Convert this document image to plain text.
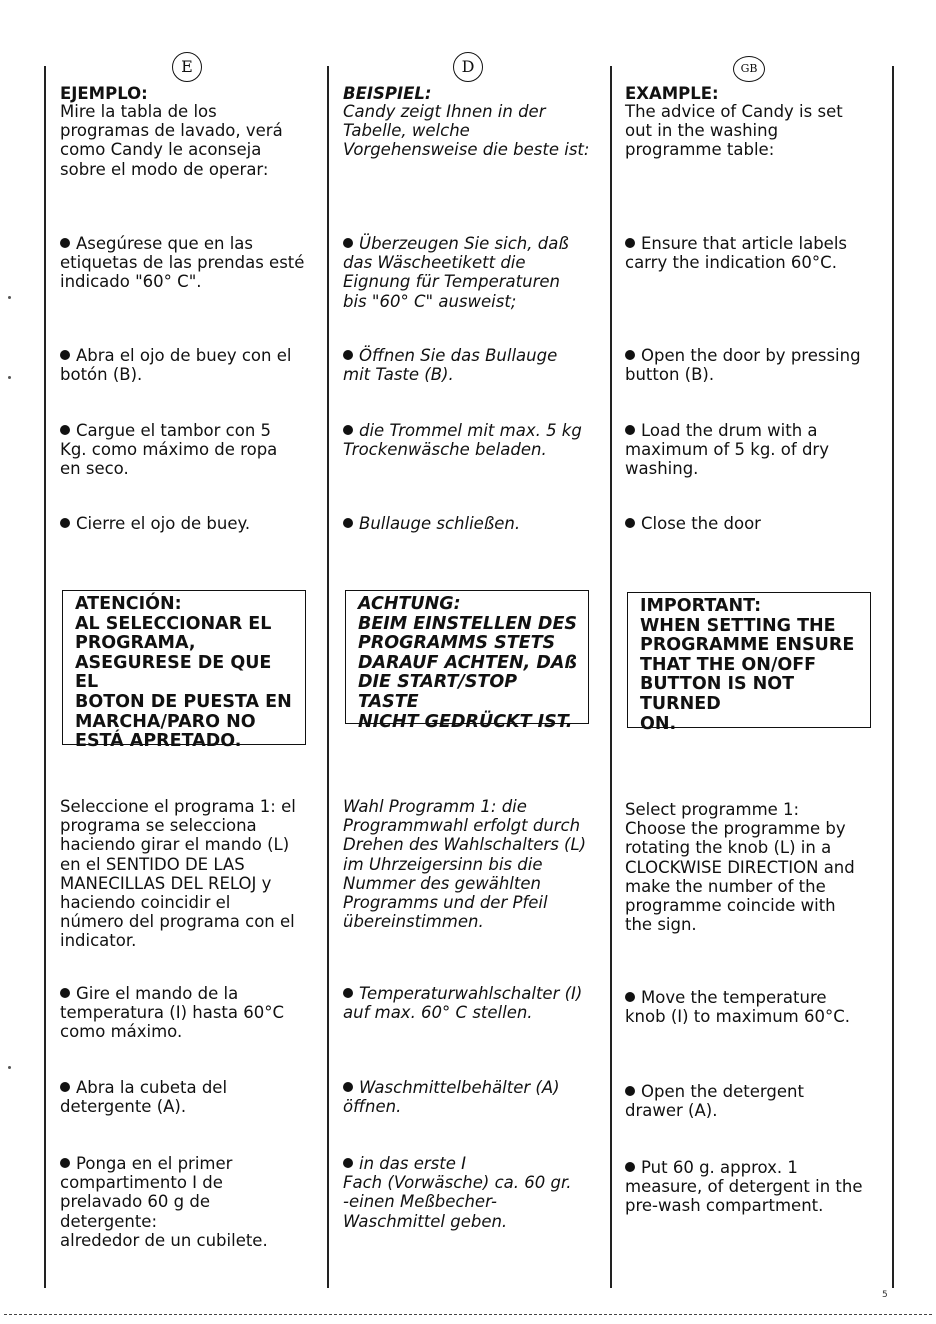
E
EJEMPLO:
Mire la tabla de los
programas de lavado, verá
como Candy le aconseja
sobre el modo de operar:
Asegúrese que en las
etiquetas de las prendas esté
indicado "60° C".
Abra el ojo de buey con el
botón (B).
Cargue el tambor con 5
Kg. como máximo de ropa
en seco.
Cierre el ojo de buey.
ATENCIÓN:
AL SELECCIONAR EL
PROGRAMA,
ASEGURESE DE QUE EL
BOTON DE PUESTA EN
MARCHA/PARO NO
ESTÁ APRETADO.
Seleccione el programa 1: el
programa se selecciona
haciendo girar el mando (L)
en el SENTIDO DE LAS
MANECILLAS DEL RELOJ y
haciendo coincidir el
número del programa con el
indicator.
Gire el mando de la
temperatura (I) hasta 60°C
como máximo.
Abra la cubeta del
detergente (A).
Ponga en el primer
compartimento I de
prelavado 60 g de
detergente:
alrededor de un cubilete.
D
BEISPIEL:
Candy zeigt Ihnen in der
Tabelle, welche
Vorgehensweise die beste ist:
Überzeugen Sie sich, daß
das Wäscheetikett die
Eignung für Temperaturen
bis "60° C" ausweist;
Öffnen Sie das Bullauge
mit Taste (B).
die Trommel mit max. 5 kg
Trockenwäsche beladen.
Bullauge schließen.
ACHTUNG:
BEIM EINSTELLEN DES
PROGRAMMS STETS
DARAUF ACHTEN, DAß
DIE START/STOP TASTE
NICHT GEDRÜCKT IST.
Wahl Programm 1: die
Programmwahl erfolgt durch
Drehen des Wahlschalters (L)
im Uhrzeigersinn bis die
Nummer des gewählten
Programms und der Pfeil
übereinstimmen.
Temperaturwahlschalter (I)
auf max. 60° C stellen.
Waschmittelbehälter (A)
öffnen.
in das erste I
Fach (Vorwäsche) ca. 60 gr.
-einen Meßbecher-
Waschmittel geben.
GB
EXAMPLE:
The advice of Candy is set
out in the washing
programme table:
Ensure that article labels
carry the indication 60°C.
Open the door by pressing
button (B).
Load the drum with a
maximum of 5 kg. of dry
washing.
Close the door
IMPORTANT:
WHEN SETTING THE
PROGRAMME ENSURE
THAT THE ON/OFF
BUTTON IS NOT TURNED
ON.
Select programme 1:
Choose the programme by
rotating the knob (L) in a
CLOCKWISE DIRECTION and
make the number of the
programme coincide with
the sign.
Move the temperature
knob (I) to maximum 60°C.
Open the detergent
drawer (A).
Put 60 g. approx. 1
measure, of detergent in the
pre-wash compartment.
5
